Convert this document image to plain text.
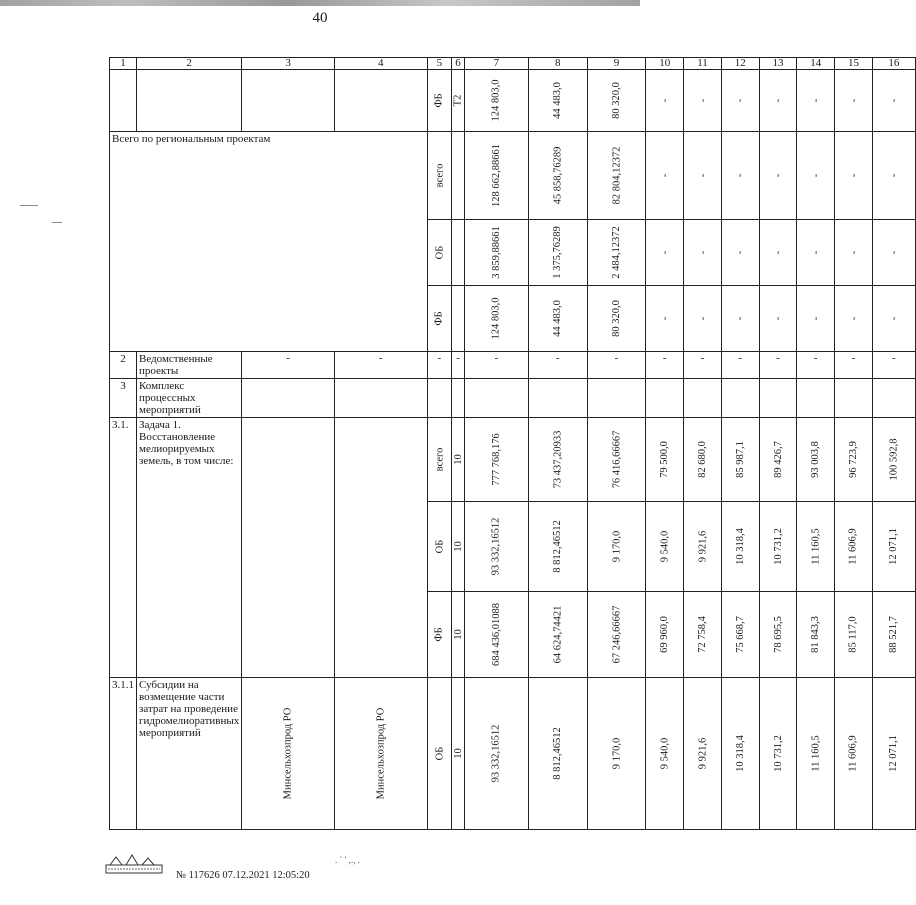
40
1	2	3	4	5	6	7	8	9	10	11	12	13	14	15	16

				ФБ	Т2	124 803,0	44 483,0	80 320,0	-	-	-	-	-	-	-

Всего по региональным проектам				всего		128 662,88661	45 858,76289	82 804,12372	-	-	-	-	-	-	-

				ОБ		3 859,88661	1 375,76289	2 484,12372	-	-	-	-	-	-	-

				ФБ		124 803,0	44 483,0	80 320,0	-	-	-	-	-	-	-

2	Ведомственные проекты	-	-	-	-	-	-	-	-	-	-	-	-	-	-
3	Комплекс процессных мероприятий														
3.1.	Задача 1. Восстановление мелиорируемых земель, в том числе:			всего	10	777 768,176	73 437,20933	76 416,66667	79 500,0	82 680,0	85 987,1	89 426,7	93 003,8	96 723,9	100 592,8

				ОБ	10	93 332,16512	8 812,46512	9 170,0	9 540,0	9 921,6	10 318,4	10 731,2	11 160,5	11 606,9	12 071,1

				ФБ	10	684 436,01088	64 624,74421	67 246,66667	69 960,0	72 758,4	75 668,7	78 695,5	81 843,3	85 117,0	88 521,7

3.1.1	Субсидии на возмещение части затрат на проведение гидромелиоративных мероприятий	Минсельхозпрод РО	Минсельхозпрод РО	ОБ	10	93 332,16512	8 812,46512	9 170,0	9 540,0	9 921,6	10 318,4	10 731,2	11 160,5	11 606,9	12 071,1
. ` ' ,., .
№ 117626 07.12.2021 12:05:20
